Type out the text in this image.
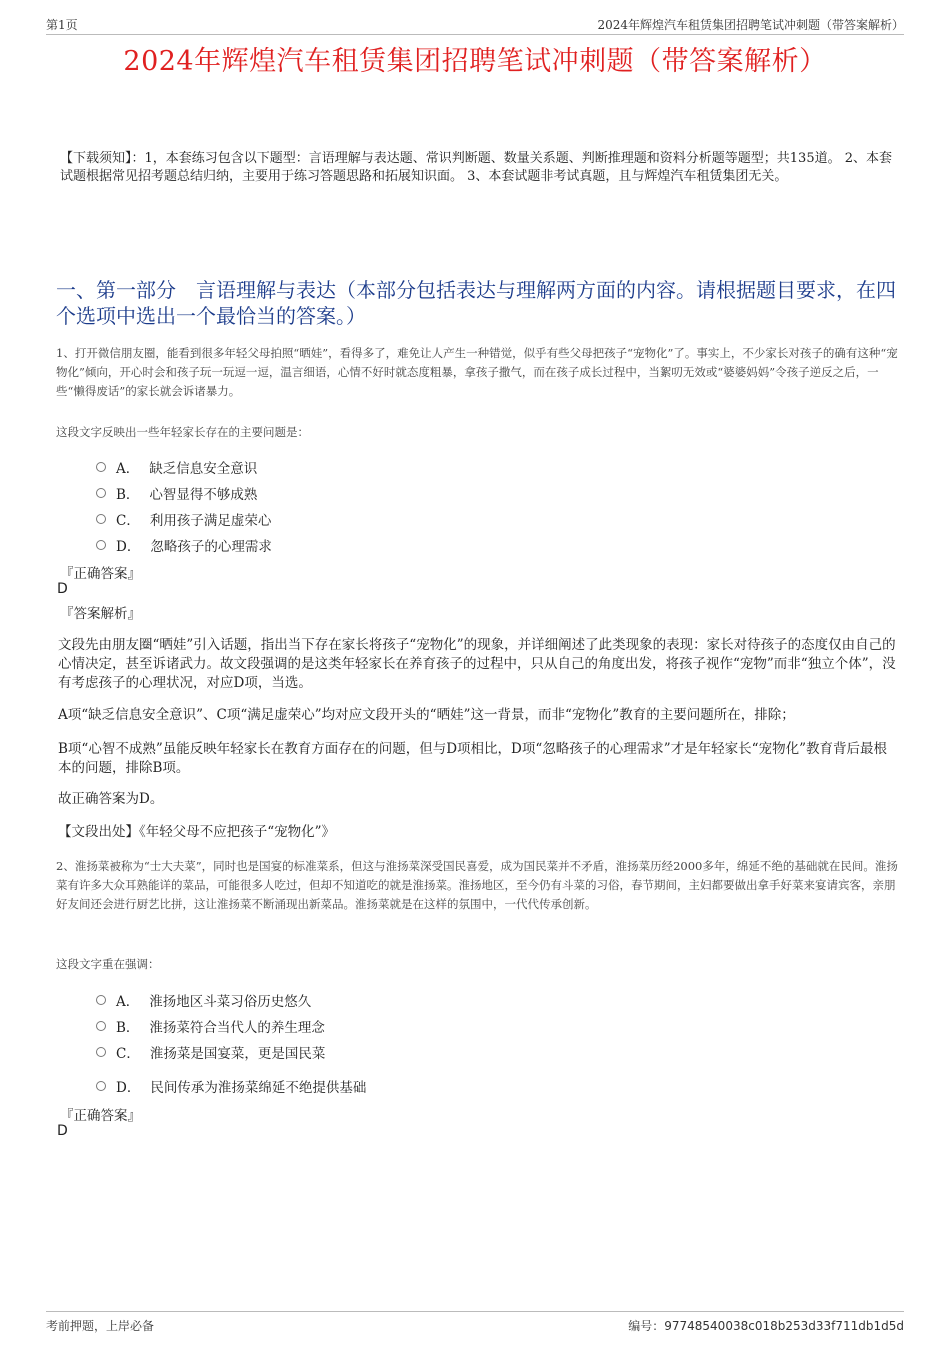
第1页	2024年辉煌汽车租赁集团招聘笔试冲刺题（带答案解析）
2024年辉煌汽车租赁集团招聘笔试冲刺题（带答案解析）
【下载须知】：1，本套练习包含以下题型：言语理解与表达题、常识判断题、数量关系题、判断推理题和资料分析题等题型；共135道。 2、本套试题根据常见招考题总结归纳，主要用于练习答题思路和拓展知识面。 3、本套试题非考试真题，且与辉煌汽车租赁集团无关。
一、第一部分　言语理解与表达（本部分包括表达与理解两方面的内容。请根据题目要求，在四个选项中选出一个最恰当的答案。）
1、打开微信朋友圈，能看到很多年轻父母拍照“晒娃”，看得多了，难免让人产生一种错觉，似乎有些父母把孩子“宠物化”了。事实上，不少家长对孩子的确有这种“宠物化”倾向，开心时会和孩子玩一玩逗一逗，温言细语，心情不好时就态度粗暴，拿孩子撒气，而在孩子成长过程中，当絮叨无效或“婆婆妈妈”令孩子逆反之后，一些“懒得废话”的家长就会诉诸暴力。
这段文字反映出一些年轻家长存在的主要问题是：
A． 缺乏信息安全意识
B． 心智显得不够成熟
C． 利用孩子满足虚荣心
D． 忽略孩子的心理需求
『正确答案』
D
『答案解析』
文段先由朋友圈“晒娃”引入话题，指出当下存在家长将孩子“宠物化”的现象，并详细阐述了此类现象的表现：家长对待孩子的态度仅由自己的心情决定，甚至诉诸武力。故文段强调的是这类年轻家长在养育孩子的过程中，只从自己的角度出发，将孩子视作“宠物”而非“独立个体”，没有考虑孩子的心理状况，对应D项，当选。
A项“缺乏信息安全意识”、C项“满足虚荣心”均对应文段开头的“晒娃”这一背景，而非“宠物化”教育的主要问题所在，排除；
B项“心智不成熟”虽能反映年轻家长在教育方面存在的问题，但与D项相比，D项“忽略孩子的心理需求”才是年轻家长“宠物化”教育背后最根本的问题，排除B项。
故正确答案为D。
【文段出处】《年轻父母不应把孩子“宠物化”》
2、淮扬菜被称为“士大夫菜”，同时也是国宴的标准菜系，但这与淮扬菜深受国民喜爱，成为国民菜并不矛盾，淮扬菜历经2000多年，绵延不绝的基础就在民间。淮扬菜有许多大众耳熟能详的菜品，可能很多人吃过，但却不知道吃的就是淮扬菜。淮扬地区，至今仍有斗菜的习俗，春节期间，主妇都要做出拿手好菜来宴请宾客，亲朋好友间还会进行厨艺比拼，这让淮扬菜不断涌现出新菜品。淮扬菜就是在这样的氛围中，一代代传承创新。
这段文字重在强调：
A． 淮扬地区斗菜习俗历史悠久
B． 淮扬菜符合当代人的养生理念
C． 淮扬菜是国宴菜，更是国民菜
D． 民间传承为淮扬菜绵延不绝提供基础
『正确答案』
D
考前押题，上岸必备	编号：97748540038c018b253d33f711db1d5d
